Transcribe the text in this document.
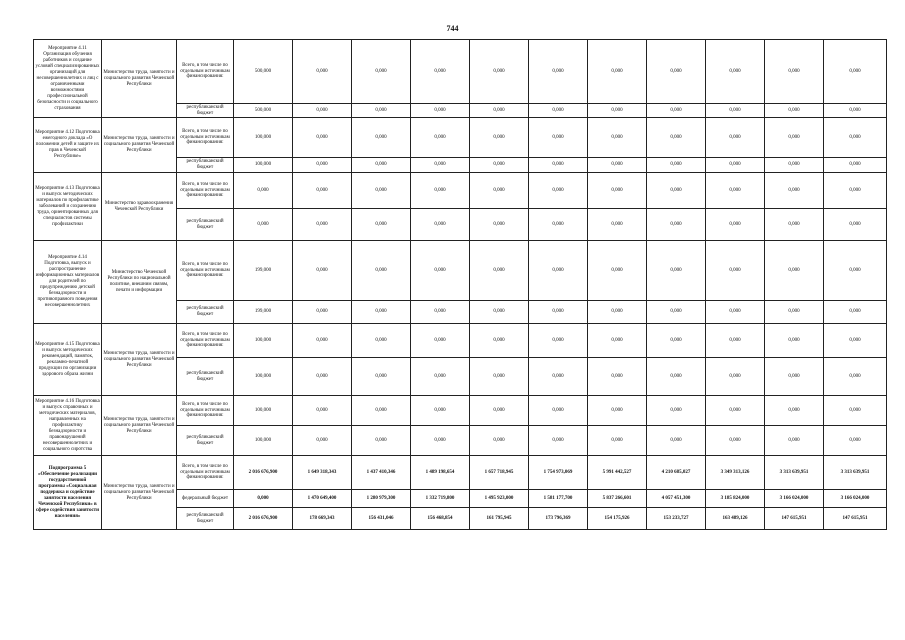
744
Мероприятие 4.11 Организация обучения работников и создание условий специализированных организаций для несовершеннолетних и лиц с ограниченными возможностями профессиональной безопасности и социального страхования	Министерство труда, занятости и социального развития Чеченской Республики	Всего, в том числе по отдельным источникам финансирования:	500,000	0,000	0,000	0,000	0,000	0,000	0,000	0,000	0,000	0,000	0,000
		республиканский бюджет	500,000	0,000	0,000	0,000	0,000	0,000	0,000	0,000	0,000	0,000	0,000
Мероприятие 4.12 Подготовка ежегодного доклада «О положении детей и защите их прав в Чеченской Республике»	Министерство труда, занятости и социального развития Чеченской Республики	Всего, в том числе по отдельным источникам финансирования:	100,000	0,000	0,000	0,000	0,000	0,000	0,000	0,000	0,000	0,000	0,000
		республиканский бюджет	100,000	0,000	0,000	0,000	0,000	0,000	0,000	0,000	0,000	0,000	0,000
Мероприятие 4.13 Подготовка и выпуск методических материалов по профилактике заболеваний и сохранению труда, ориентированных для специалистов системы профилактики	Министерство здравоохранения Чеченской Республики	Всего, в том числе по отдельным источникам финансирования:	0,000	0,000	0,000	0,000	0,000	0,000	0,000	0,000	0,000	0,000	0,000
		республиканский бюджет	0,000	0,000	0,000	0,000	0,000	0,000	0,000	0,000	0,000	0,000	0,000
Мероприятие 4.14 Подготовка, выпуск и распространение информационных материалов для родителей по предупреждению детской безнадзорности и противоправного поведения несовершеннолетних	Министерство Чеченской Республики по национальной политике, внешним связям, печати и информации	Всего, в том числе по отдельным источникам финансирования:	199,000	0,000	0,000	0,000	0,000	0,000	0,000	0,000	0,000	0,000	0,000
		республиканский бюджет	199,000	0,000	0,000	0,000	0,000	0,000	0,000	0,000	0,000	0,000	0,000
Мероприятие 4.15 Подготовка и выпуск методических рекомендаций, памяток, рекламно-печатной продукции по организации здорового образа жизни	Министерство труда, занятости и социального развития Чеченской Республики	Всего, в том числе по отдельным источникам финансирования:	100,000	0,000	0,000	0,000	0,000	0,000	0,000	0,000	0,000	0,000	0,000
		республиканский бюджет	100,000	0,000	0,000	0,000	0,000	0,000	0,000	0,000	0,000	0,000	0,000
Мероприятие 4.16 Подготовка и выпуск справочных и методических материалов, направленных на профилактику безнадзорности и правонарушений несовершеннолетних и социального сиротства	Министерство труда, занятости и социального развития Чеченской Республики	Всего, в том числе по отдельным источникам финансирования:	100,000	0,000	0,000	0,000	0,000	0,000	0,000	0,000	0,000	0,000	0,000
		республиканский бюджет	100,000	0,000	0,000	0,000	0,000	0,000	0,000	0,000	0,000	0,000	0,000
Подпрограмма 5 «Обеспечение реализации государственной программы «Социальная поддержка и содействие занятости населения Чеченской Республики» в сфере содействия занятости населения»	Министерство труда, занятости и социального развития Чеченской Республики	Всего, в том числе по отдельным источникам финансирования:	2 016 676,900	1 649 318,343	1 437 410,346	1 489 198,654	1 657 718,945	1 754 973,069	5 991 442,527	4 210 685,027	3 349 313,126	3 313 639,951	3 313 639,951
		федеральный бюджет	0,000	1 470 649,400	1 280 979,300	1 332 719,800	1 495 923,000	1 581 177,700	5 837 266,601	4 057 451,300	3 185 824,000	3 166 024,000	3 166 024,000
		республиканский бюджет	2 016 676,900	178 669,343	156 431,046	156 468,854	161 795,945	173 796,369	154 175,926	153 233,727	163 489,126	147 615,951	147 615,951
